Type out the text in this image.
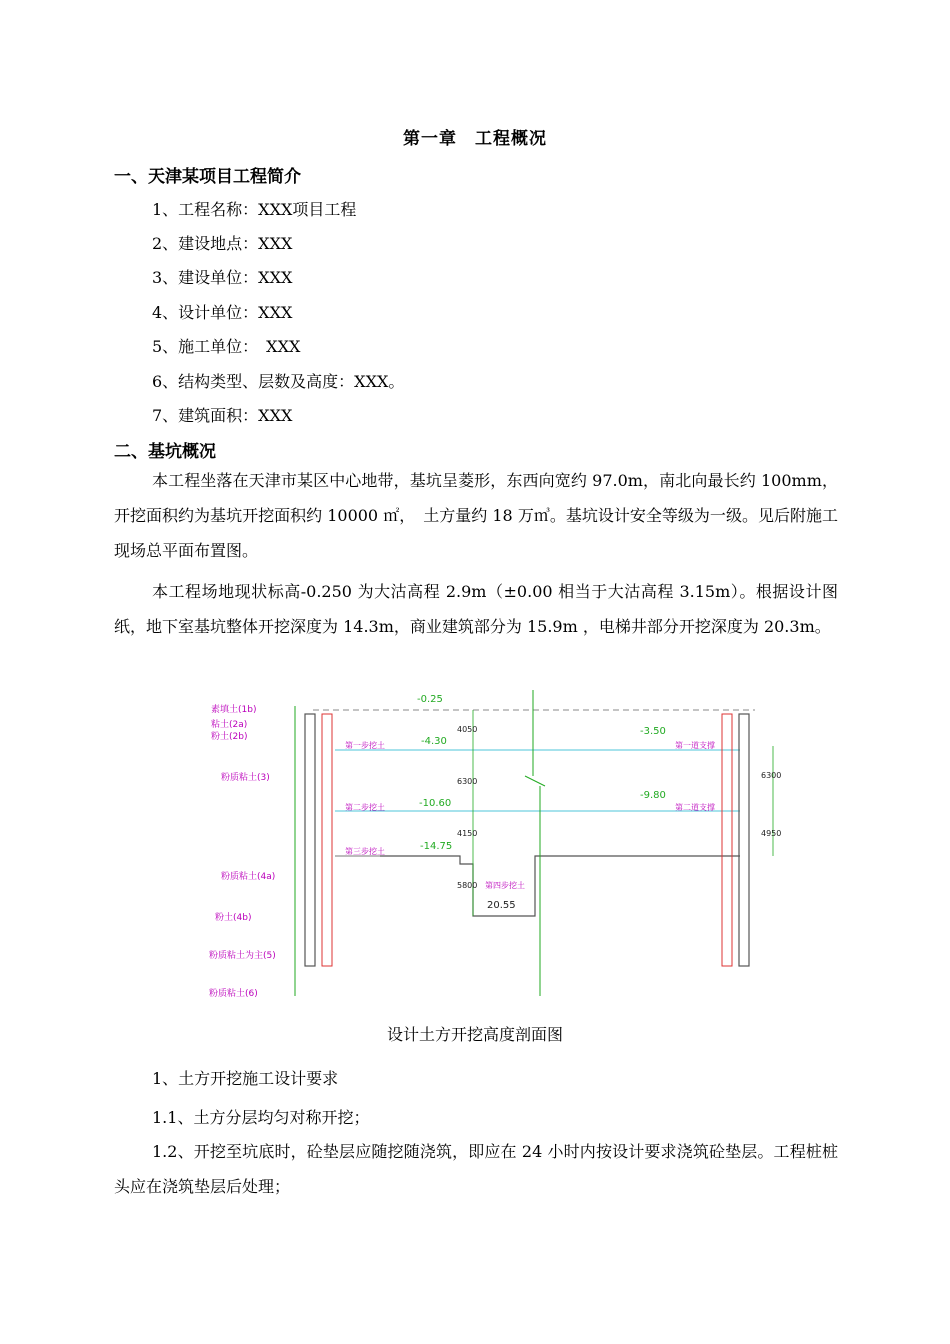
第一章　工程概况
一、天津某项目工程简介
1、工程名称：XXX项目工程
2、建设地点：XXX
3、建设单位：XXX
4、设计单位：XXX
5、施工单位：　XXX
6、结构类型、层数及高度：XXX。
7、建筑面积：XXX
二、基坑概况
本工程坐落在天津市某区中心地带，基坑呈菱形，东西向宽约 97.0m，南北向最长约 100mm，开挖面积约为基坑开挖面积约 10000 ㎡，　土方量约 18 万㎥。基坑设计安全等级为一级。见后附施工现场总平面布置图。
本工程场地现状标高-0.250 为大沽高程 2.9m（±0.00 相当于大沽高程 3.15m）。根据设计图纸，地下室基坑整体开挖深度为 14.3m，商业建筑部分为 15.9m ，电梯井部分开挖深度为 20.3m。
素填土(1b)
粘土(2a)
粉土(2b)
粉质粘土(3)
粉质粘土(4a)
粉土(4b)
粉质粘土为主(5)
粉质粘土(6)
-0.25
-4.30
-10.60
-14.75
20.55
-3.50
-9.80
4050
6300
4150
5800
6300
4950
第一步挖土
第二步挖土
第三步挖土
第四步挖土
第一道支撑
第二道支撑
设计土方开挖高度剖面图
1、土方开挖施工设计要求
1.1、土方分层均匀对称开挖；
1.2、开挖至坑底时，砼垫层应随挖随浇筑，即应在 24 小时内按设计要求浇筑砼垫层。工程桩桩头应在浇筑垫层后处理；
